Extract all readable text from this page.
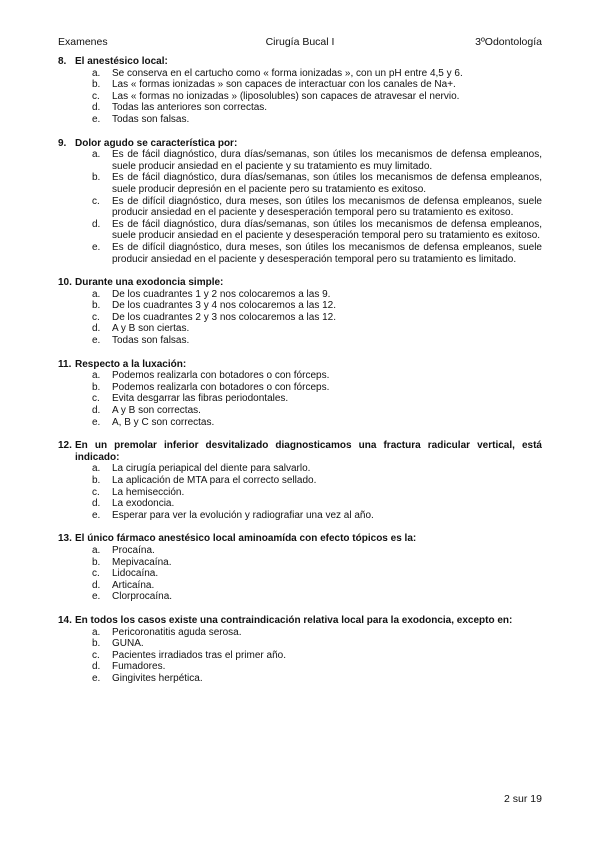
Examenes	Cirugía Bucal I	3ºOdontología
8. El anestésico local:
a.	Se conserva en el cartucho como « forma ionizadas », con un pH entre 4,5 y 6.
b.	Las « formas ionizadas » son capaces de interactuar con los canales de Na+.
c.	Las « formas no ionizadas » (liposolubles) son capaces de atravesar el nervio.
d.	Todas las anteriores son correctas.
e.	Todas son falsas.
9. Dolor agudo se característica por:
a.	Es de fácil diagnóstico, dura días/semanas, son útiles los mecanismos de defensa empleanos, suele producir ansiedad en el paciente y su tratamiento es muy limitado.
b.	Es de fácil diagnóstico, dura días/semanas, son útiles los mecanismos de defensa empleanos, suele producir depresión en el paciente pero su tratamiento es exitoso.
c.	Es de difícil diagnóstico, dura meses, son útiles los mecanismos de defensa empleanos, suele producir ansiedad en el paciente y desesperación temporal pero su tratamiento es exitoso.
d.	Es de fácil diagnóstico, dura días/semanas, son útiles los mecanismos de defensa empleanos, suele producir ansiedad en el paciente y desesperación temporal pero su tratamiento es exitoso.
e.	Es de difícil diagnóstico, dura meses, son útiles los mecanismos de defensa empleanos, suele producir ansiedad en el paciente y desesperación temporal pero su tratamiento es limitado.
10. Durante una exodoncia simple:
a.	De los cuadrantes 1 y 2 nos colocaremos a las 9.
b.	De los cuadrantes 3 y 4 nos colocaremos a las 12.
c.	De los cuadrantes 2 y 3 nos colocaremos a las 12.
d.	A y B son ciertas.
e.	Todas son falsas.
11. Respecto a la luxación:
a.	Podemos realizarla con botadores o con fórceps.
b.	Podemos realizarla con botadores o con fórceps.
c.	Evita desgarrar las fibras periodontales.
d.	A y B son correctas.
e.	A, B y C son correctas.
12. En un premolar inferior desvitalizado diagnosticamos una fractura radicular vertical, está indicado:
a.	La cirugía periapical del diente para salvarlo.
b.	La aplicación de MTA para el correcto sellado.
c.	La hemisección.
d.	La exodoncia.
e.	Esperar para ver la evolución y radiografiar una vez al año.
13. El único fármaco anestésico local aminoamída con efecto tópicos es la:
a.	Procaína.
b.	Mepivacaína.
c.	Lidocaína.
d.	Articaína.
e.	Clorprocaína.
14. En todos los casos existe una contraindicación relativa local para la exodoncia, excepto en:
a.	Pericoronatitis aguda serosa.
b.	GUNA.
c.	Pacientes irradiados tras el primer año.
d.	Fumadores.
e.	Gingivites herpética.
2 sur 19
